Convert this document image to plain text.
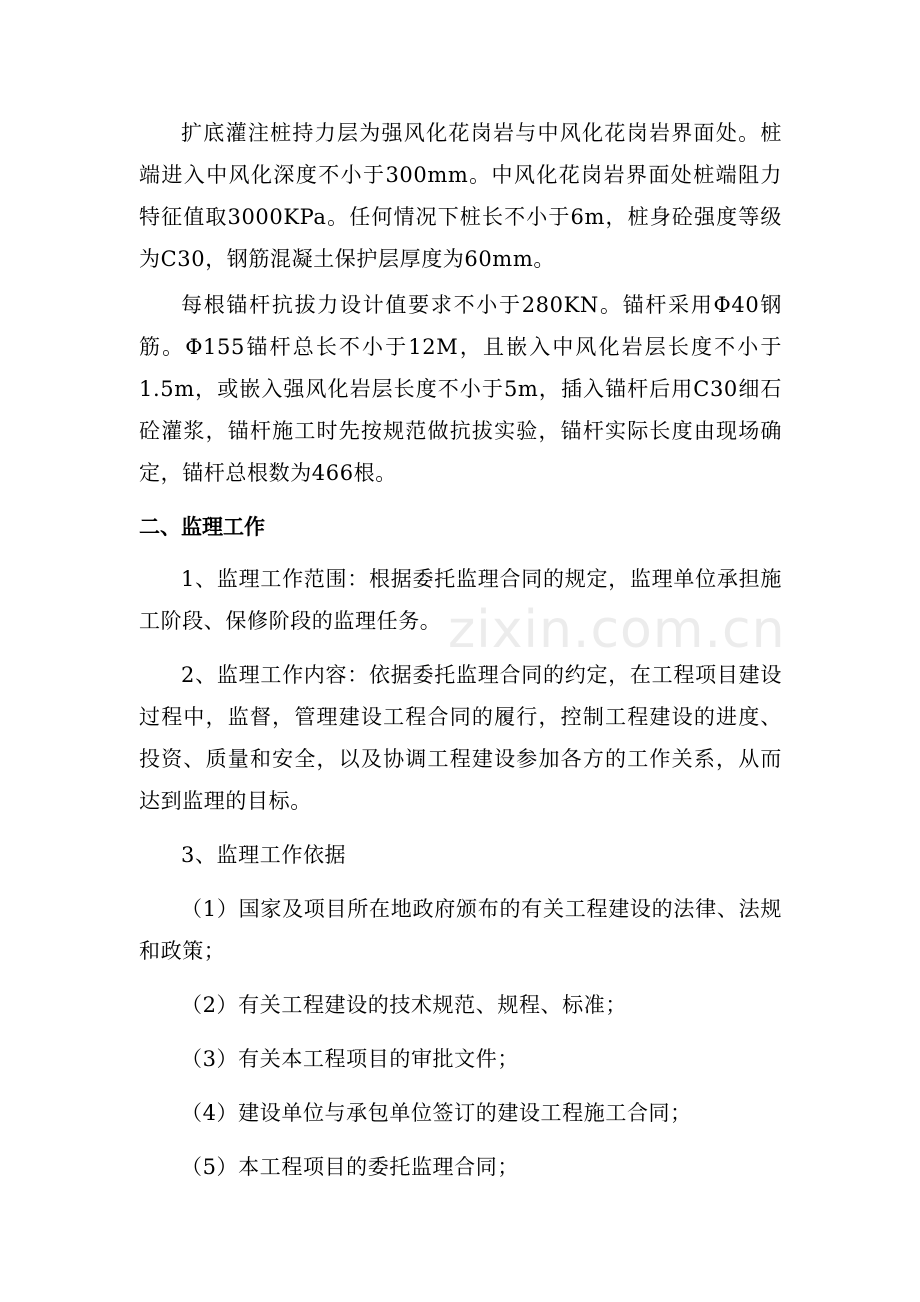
扩底灌注桩持力层为强风化花岗岩与中风化花岗岩界面处。桩端进入中风化深度不小于300mm。中风化花岗岩界面处桩端阻力特征值取3000KPa。任何情况下桩长不小于6m，桩身砼强度等级为C30，钢筋混凝土保护层厚度为60mm。

每根锚杆抗拔力设计值要求不小于280KN。锚杆采用Φ40钢筋。Φ155锚杆总长不小于12M，且嵌入中风化岩层长度不小于1.5m，或嵌入强风化岩层长度不小于5m，插入锚杆后用C30细石砼灌浆，锚杆施工时先按规范做抗拔实验，锚杆实际长度由现场确定，锚杆总根数为466根。

二、监理工作

1、监理工作范围：根据委托监理合同的规定，监理单位承担施工阶段、保修阶段的监理任务。

2、监理工作内容：依据委托监理合同的约定，在工程项目建设过程中，监督，管理建设工程合同的履行，控制工程建设的进度、投资、质量和安全，以及协调工程建设参加各方的工作关系，从而达到监理的目标。

3、监理工作依据

（1）国家及项目所在地政府颁布的有关工程建设的法律、法规和政策；

（2）有关工程建设的技术规范、规程、标准；

（3）有关本工程项目的审批文件；

（4）建设单位与承包单位签订的建设工程施工合同；

（5）本工程项目的委托监理合同；

zixin.com.cn
